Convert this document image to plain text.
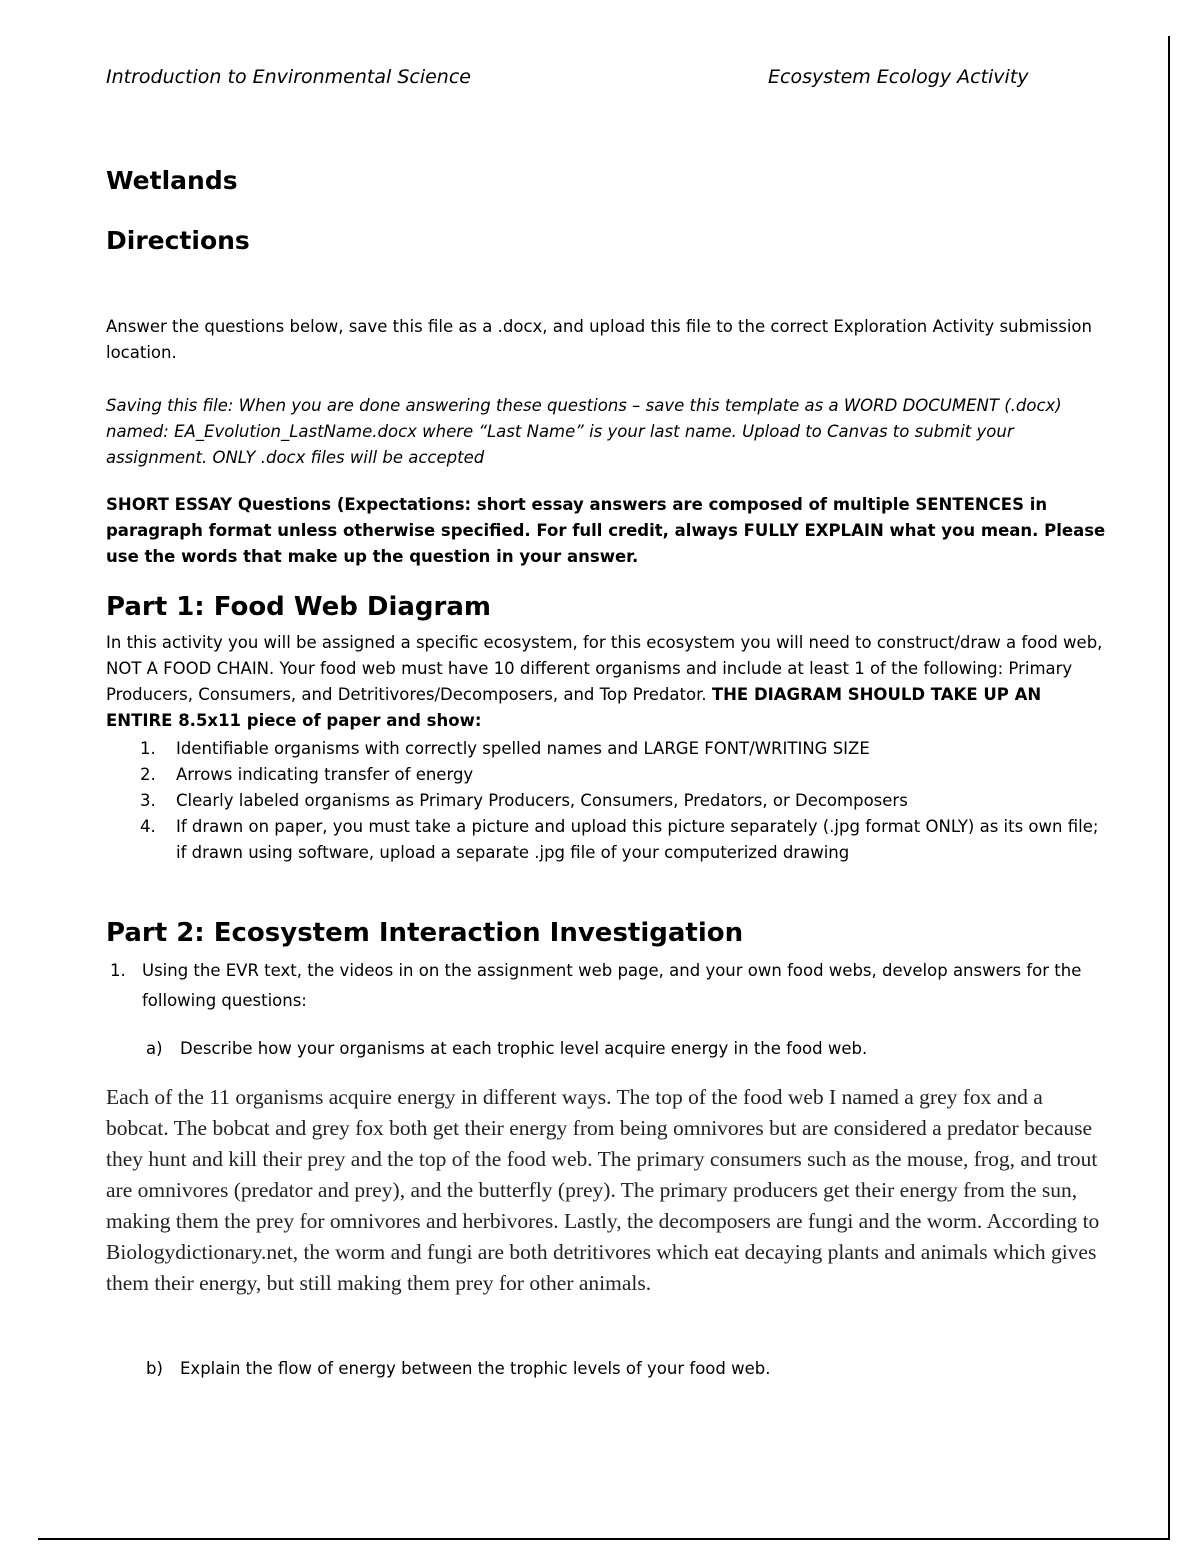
Introduction to Environmental Science	Ecosystem Ecology Activity
Wetlands
Directions
Answer the questions below, save this file as a .docx, and upload this file to the correct Exploration Activity submission location.
Saving this file: When you are done answering these questions – save this template as a WORD DOCUMENT (.docx) named: EA_Evolution_LastName.docx where “Last Name” is your last name. Upload to Canvas to submit your assignment. ONLY .docx files will be accepted
SHORT ESSAY Questions (Expectations: short essay answers are composed of multiple SENTENCES in paragraph format unless otherwise specified. For full credit, always FULLY EXPLAIN what you mean. Please use the words that make up the question in your answer.
Part 1: Food Web Diagram
In this activity you will be assigned a specific ecosystem, for this ecosystem you will need to construct/draw a food web, NOT A FOOD CHAIN. Your food web must have 10 different organisms and include at least 1 of the following: Primary Producers, Consumers, and Detritivores/Decomposers, and Top Predator. THE DIAGRAM SHOULD TAKE UP AN ENTIRE 8.5x11 piece of paper and show:
1. Identifiable organisms with correctly spelled names and LARGE FONT/WRITING SIZE
2. Arrows indicating transfer of energy
3. Clearly labeled organisms as Primary Producers, Consumers, Predators, or Decomposers
4. If drawn on paper, you must take a picture and upload this picture separately (.jpg format ONLY) as its own file; if drawn using software, upload a separate .jpg file of your computerized drawing
Part 2: Ecosystem Interaction Investigation
1. Using the EVR text, the videos in on the assignment web page, and your own food webs, develop answers for the following questions:
a) Describe how your organisms at each trophic level acquire energy in the food web.
Each of the 11 organisms acquire energy in different ways. The top of the food web I named a grey fox and a bobcat. The bobcat and grey fox both get their energy from being omnivores but are considered a predator because they hunt and kill their prey and the top of the food web. The primary consumers such as the mouse, frog, and trout are omnivores (predator and prey), and the butterfly (prey). The primary producers get their energy from the sun, making them the prey for omnivores and herbivores. Lastly, the decomposers are fungi and the worm. According to Biologydictionary.net, the worm and fungi are both detritivores which eat decaying plants and animals which gives them their energy, but still making them prey for other animals.
b) Explain the flow of energy between the trophic levels of your food web.
